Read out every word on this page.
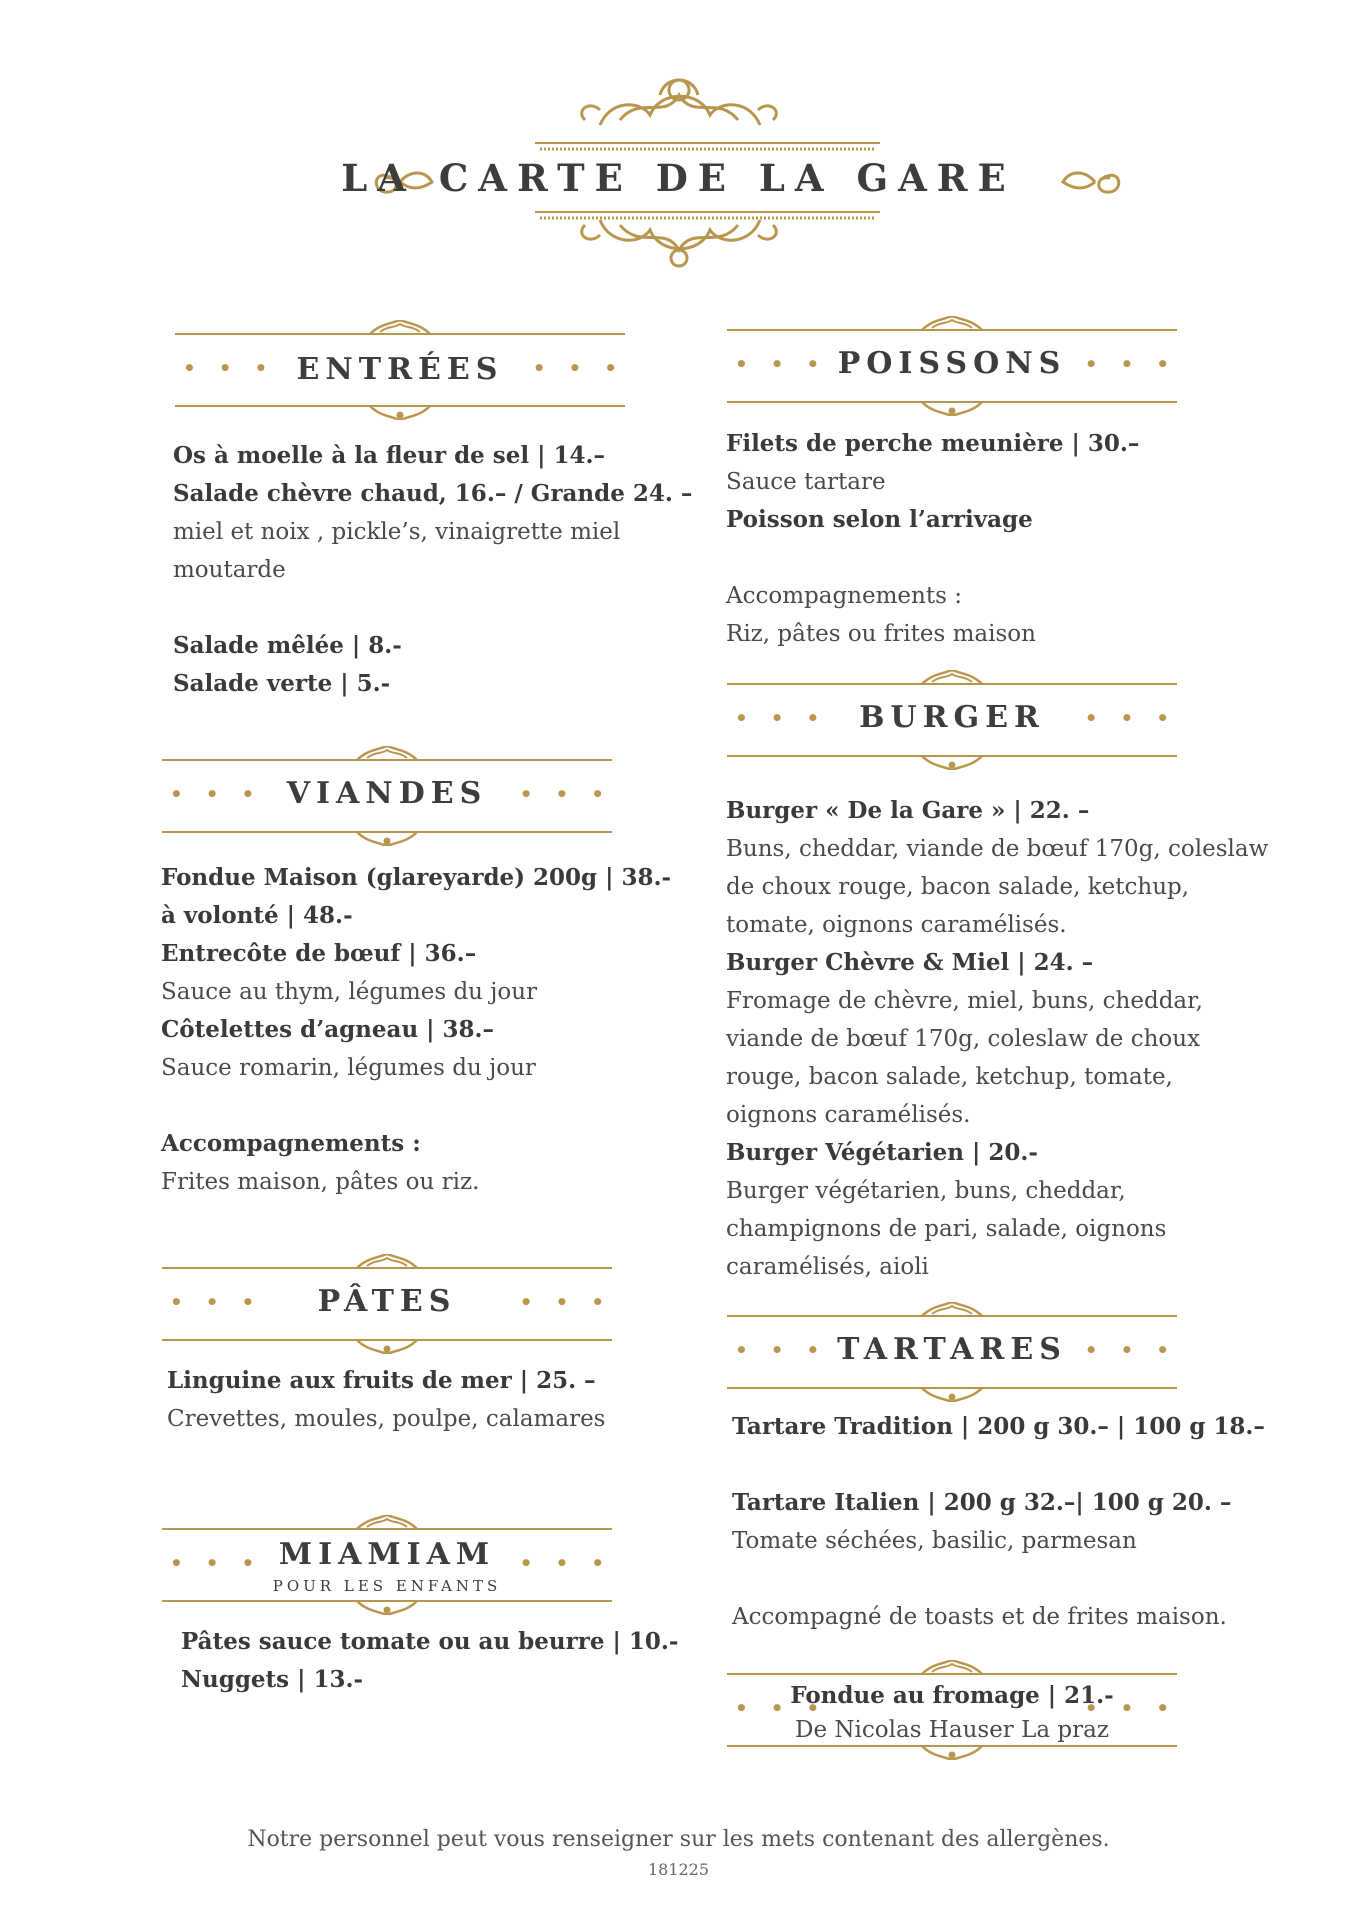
LA CARTE DE LA GARE
• • • ENTRÉES	• • •
Os à moelle à la fleur de sel | 14.–
Salade chèvre chaud, 16.– / Grande 24. –
miel et noix , pickle’s, vinaigrette miel
moutarde
Salade mêlée | 8.-
Salade verte | 5.-
• • • VIANDES	• • •
Fondue Maison (glareyarde) 200g | 38.-
à volonté | 48.-
Entrecôte de bœuf | 36.–
Sauce au thym, légumes du jour
Côtelettes d’agneau | 38.–
Sauce romarin, légumes du jour
Accompagnements :
Frites maison, pâtes ou riz.
• • •	PÂTES	• • •
Linguine aux fruits de mer | 25. –
Crevettes, moules, poulpe, calamares
• • • MIAMIAM
POUR LES ENFANTS
• • •
Pâtes sauce tomate ou au beurre | 10.-
Nuggets | 13.-
• • • POISSONS • • •
Filets de perche meunière | 30.–
Sauce tartare
Poisson selon l’arrivage
Accompagnements :
Riz, pâtes ou frites maison
• • •	BURGER	• • •
Burger « De la Gare » | 22. –
Buns, cheddar, viande de bœuf 170g, coleslaw
de choux rouge, bacon salade, ketchup,
tomate, oignons caramélisés.
Burger Chèvre & Miel | 24. –
Fromage de chèvre, miel, buns, cheddar,
viande de bœuf 170g, coleslaw de choux
rouge, bacon salade, ketchup, tomate,
oignons caramélisés.
Burger Végétarien | 20.-
Burger végétarien, buns, cheddar,
champignons de pari, salade, oignons
caramélisés, aioli
• • • TARTARES • • •
Tartare Tradition | 200 g 30.– | 100 g 18.–
Tartare Italien | 200 g 32.–| 100 g 20. –
Tomate séchées, basilic, parmesan
Accompagné de toasts et de frites maison.
• • •
Fondue au fromage | 21.-
De Nicolas Hauser La praz
• • •
Notre personnel peut vous renseigner sur les mets contenant des allergènes.
181225
